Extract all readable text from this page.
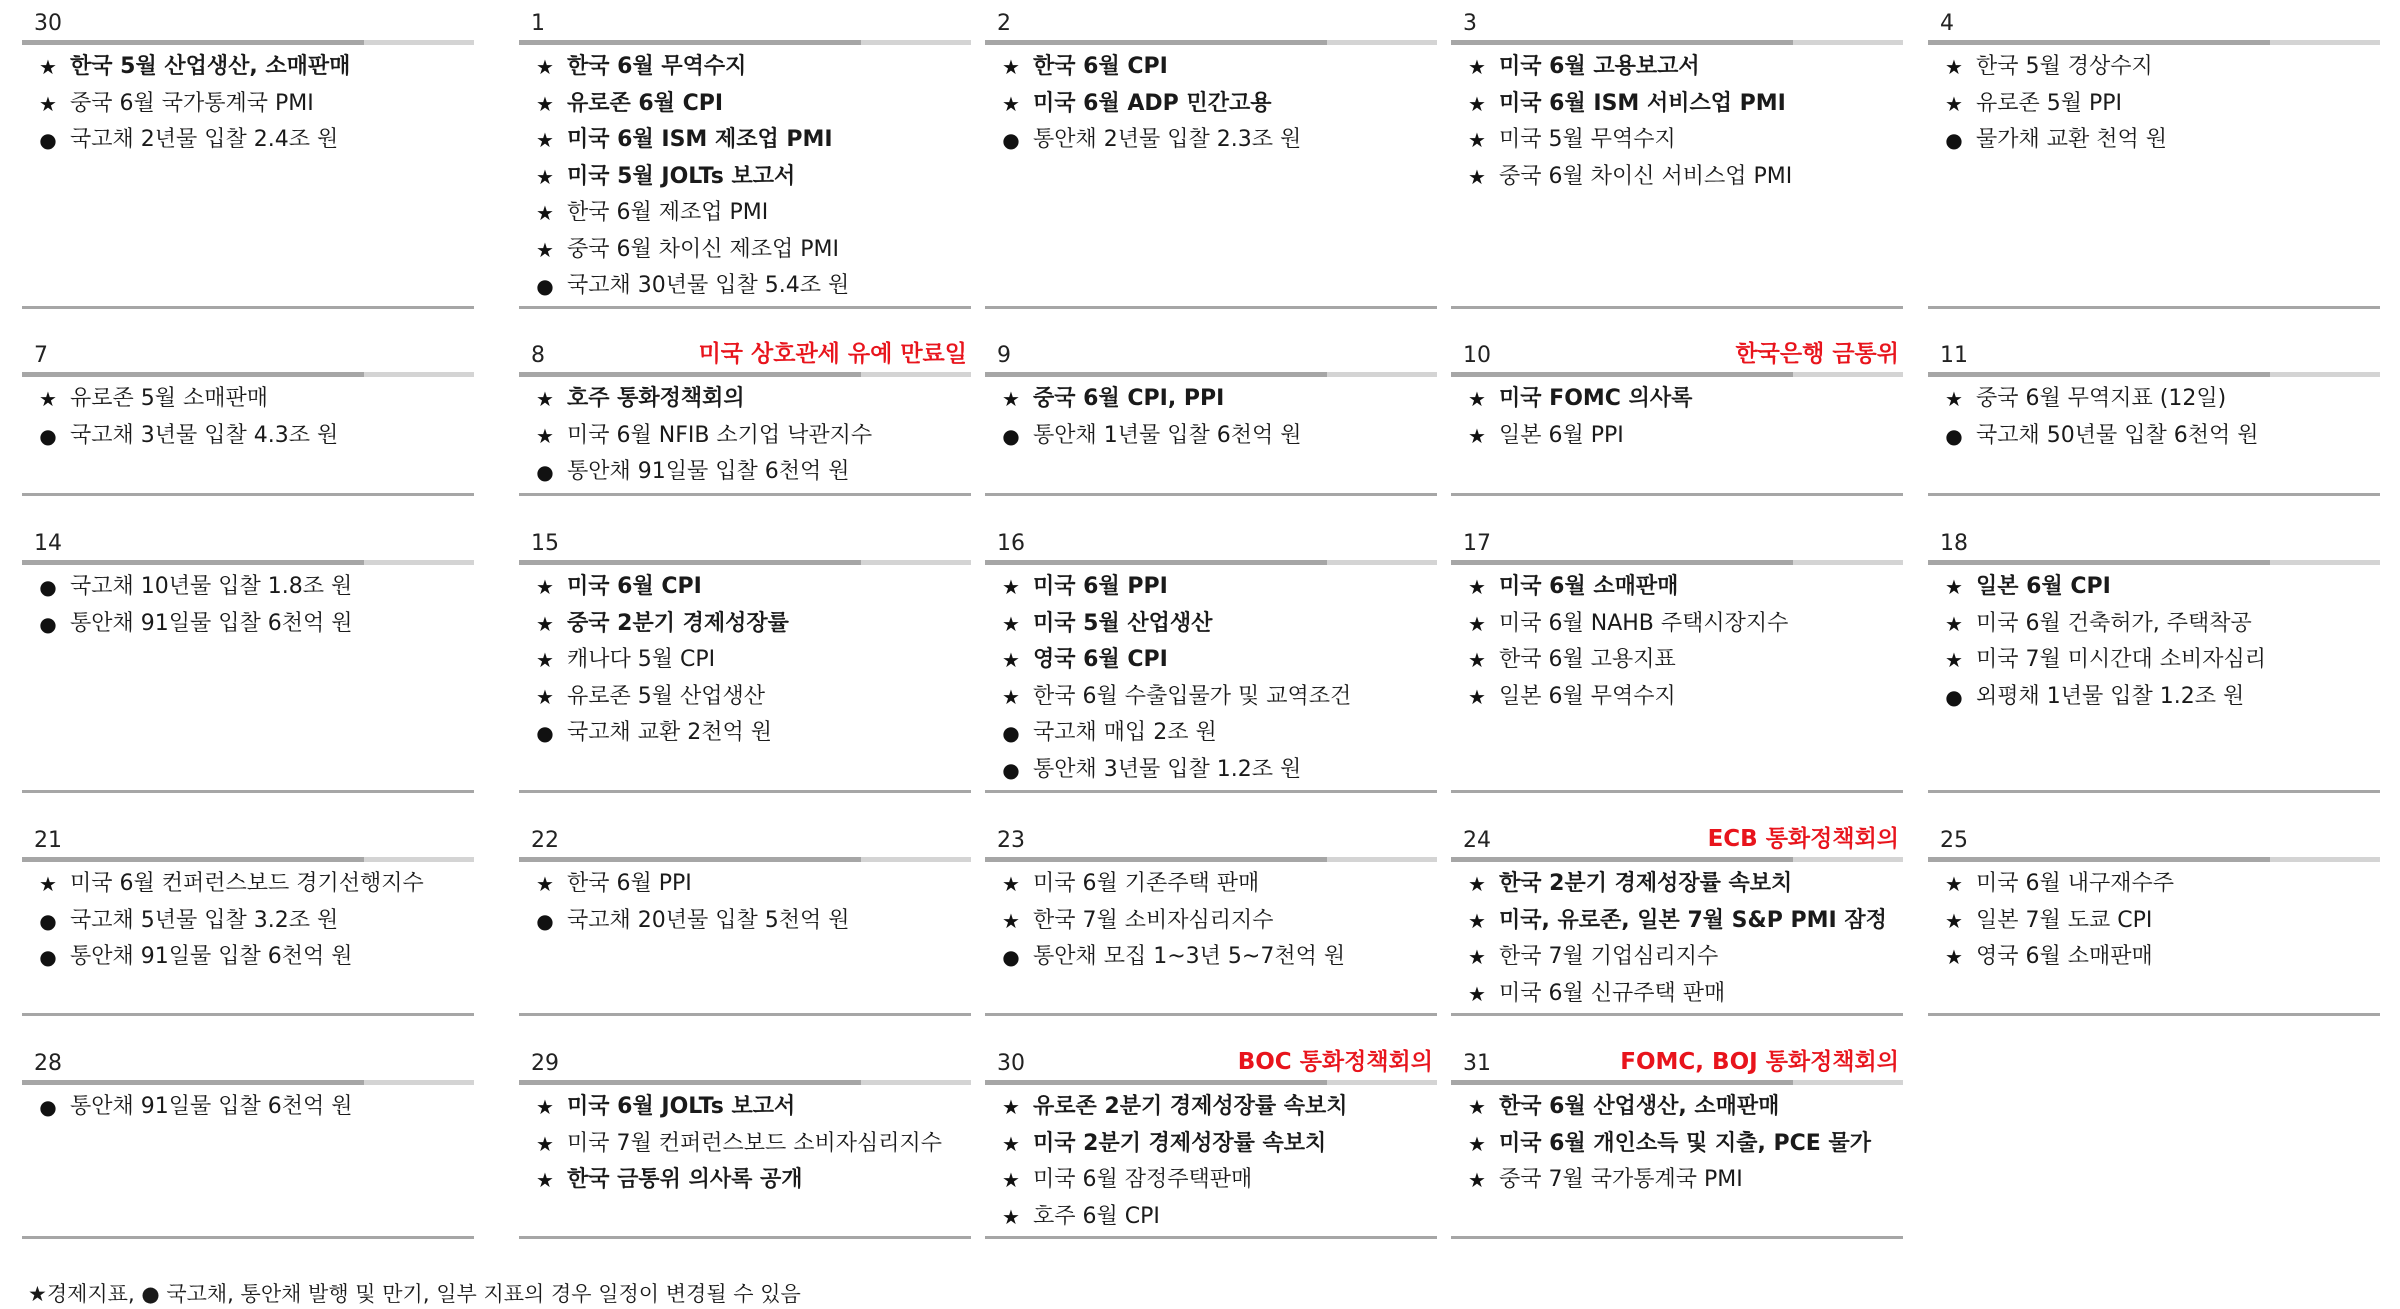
30
★ 한국 5월 산업생산, 소매판매
★ 중국 6월 국가통계국 PMI
● 국고채 2년물 입찰 2.4조 원
1
★ 한국 6월 무역수지
★ 유로존 6월 CPI
★ 미국 6월 ISM 제조업 PMI
★ 미국 5월 JOLTs 보고서
★ 한국 6월 제조업 PMI
★ 중국 6월 차이신 제조업 PMI
● 국고채 30년물 입찰 5.4조 원
2
★ 한국 6월 CPI
★ 미국 6월 ADP 민간고용
● 통안채 2년물 입찰 2.3조 원
3
★ 미국 6월 고용보고서
★ 미국 6월 ISM 서비스업 PMI
★ 미국 5월 무역수지
★ 중국 6월 차이신 서비스업 PMI
4
★ 한국 5월 경상수지
★ 유로존 5월 PPI
● 물가채 교환 천억 원
7
★ 유로존 5월 소매판매
● 국고채 3년물 입찰 4.3조 원
8	미국 상호관세 유예 만료일
★ 호주 통화정책회의
★ 미국 6월 NFIB 소기업 낙관지수
● 통안채 91일물 입찰 6천억 원
9
★ 중국 6월 CPI, PPI
● 통안채 1년물 입찰 6천억 원
10	한국은행 금통위
★ 미국 FOMC 의사록
★ 일본 6월 PPI
11
★ 중국 6월 무역지표 (12일)
● 국고채 50년물 입찰 6천억 원
14
● 국고채 10년물 입찰 1.8조 원
● 통안채 91일물 입찰 6천억 원
15
★ 미국 6월 CPI
★ 중국 2분기 경제성장률
★ 캐나다 5월 CPI
★ 유로존 5월 산업생산
● 국고채 교환 2천억 원
16
★ 미국 6월 PPI
★ 미국 5월 산업생산
★ 영국 6월 CPI
★ 한국 6월 수출입물가 및 교역조건
● 국고채 매입 2조 원
● 통안채 3년물 입찰 1.2조 원
17
★ 미국 6월 소매판매
★ 미국 6월 NAHB 주택시장지수
★ 한국 6월 고용지표
★ 일본 6월 무역수지
18
★ 일본 6월 CPI
★ 미국 6월 건축허가, 주택착공
★ 미국 7월 미시간대 소비자심리
● 외평채 1년물 입찰 1.2조 원
21
★ 미국 6월 컨퍼런스보드 경기선행지수
● 국고채 5년물 입찰 3.2조 원
● 통안채 91일물 입찰 6천억 원
22
★ 한국 6월 PPI
● 국고채 20년물 입찰 5천억 원
23
★ 미국 6월 기존주택 판매
★ 한국 7월 소비자심리지수
● 통안채 모집 1~3년 5~7천억 원
24	ECB 통화정책회의
★ 한국 2분기 경제성장률 속보치
★ 미국, 유로존, 일본 7월 S&P PMI 잠정
★ 한국 7월 기업심리지수
★ 미국 6월 신규주택 판매
25
★ 미국 6월 내구재수주
★ 일본 7월 도쿄 CPI
★ 영국 6월 소매판매
28
● 통안채 91일물 입찰 6천억 원
29
★ 미국 6월 JOLTs 보고서
★ 미국 7월 컨퍼런스보드 소비자심리지수
★ 한국 금통위 의사록 공개
30	BOC 통화정책회의
★ 유로존 2분기 경제성장률 속보치
★ 미국 2분기 경제성장률 속보치
★ 미국 6월 잠정주택판매
★ 호주 6월 CPI
31	FOMC, BOJ 통화정책회의
★ 한국 6월 산업생산, 소매판매
★ 미국 6월 개인소득 및 지출, PCE 물가
★ 중국 7월 국가통계국 PMI
★경제지표, ● 국고채, 통안채 발행 및 만기, 일부 지표의 경우 일정이 변경될 수 있음
